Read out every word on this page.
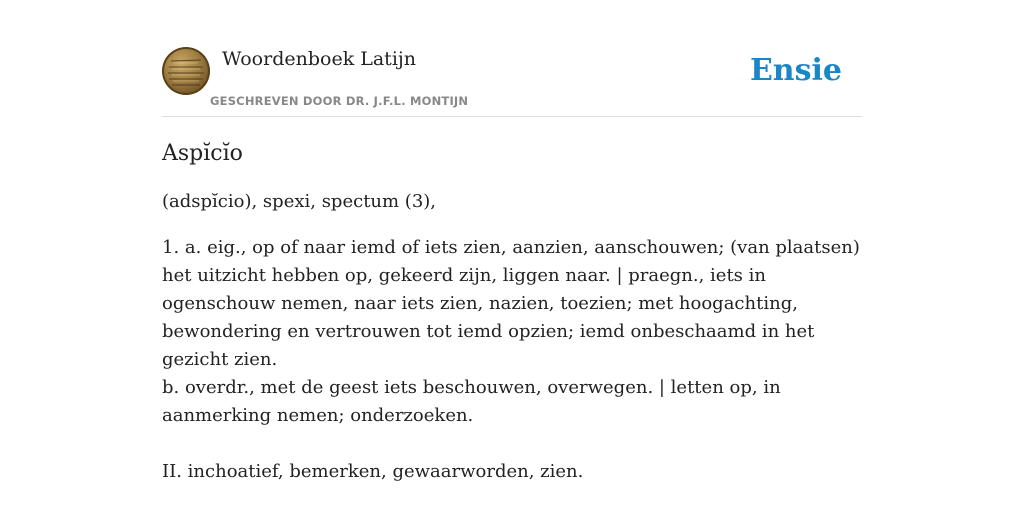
Woordenboek Latijn
GESCHREVEN DOOR DR. J.F.L. MONTIJN
Ensie
Aspĭcĭo
(adspĭcio), spexi, spectum (3),

1. a. eig., op of naar iemd of iets zien, aanzien, aanschouwen; (van plaatsen) het uitzicht hebben op, gekeerd zijn, liggen naar. | praegn., iets in ogenschouw nemen, naar iets zien, nazien, toezien; met hoogachting, bewondering en vertrouwen tot iemd opzien; iemd onbeschaamd in het gezicht zien.

b. overdr., met de geest iets beschouwen, overwegen. | letten op, in aanmerking nemen; onderzoeken.

II. inchoatief, bemerken, gewaarworden, zien.
